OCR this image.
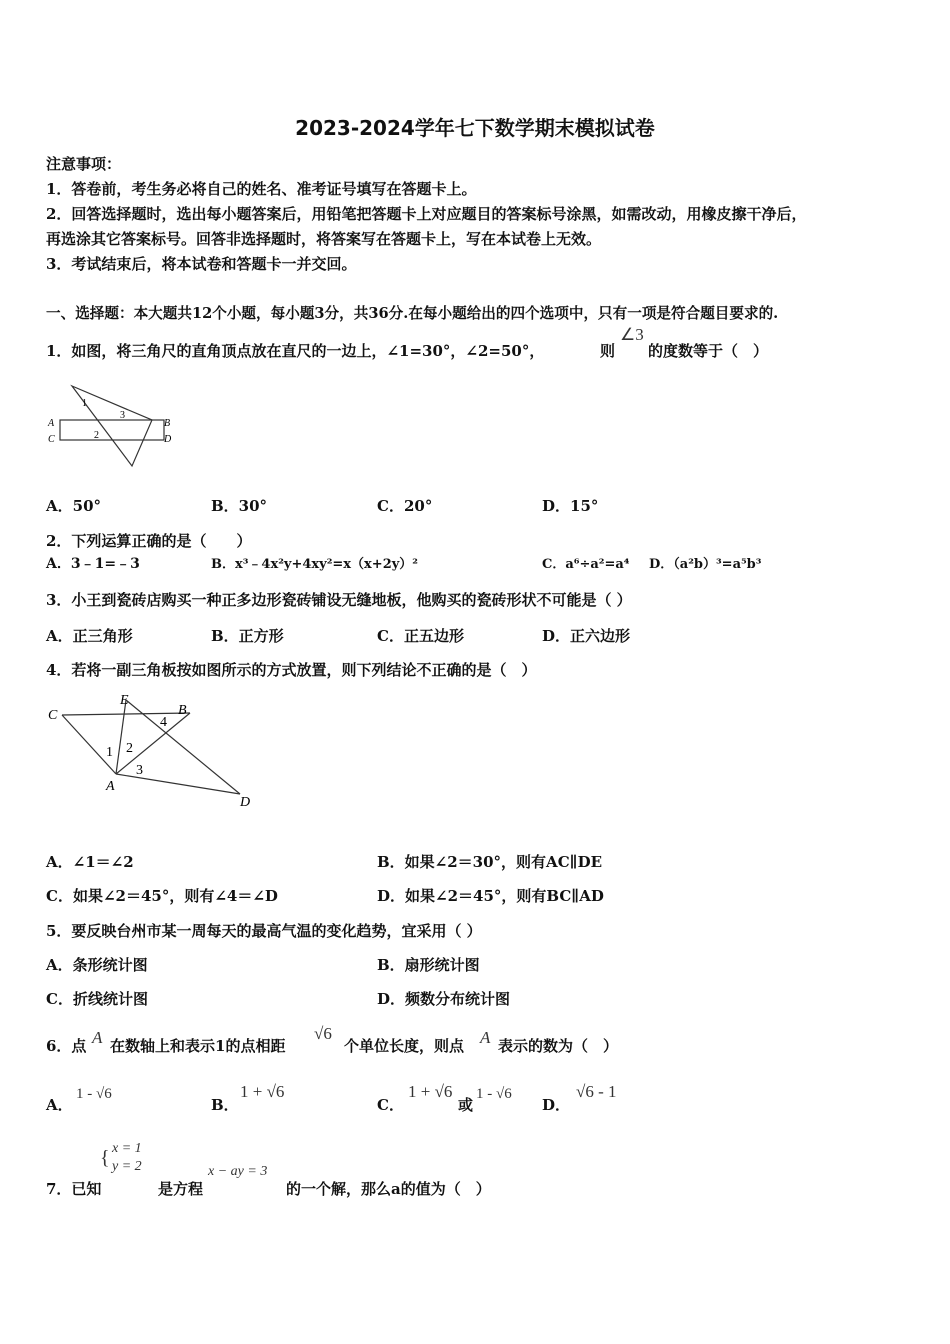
2023-2024学年七下数学期末模拟试卷
注意事项：
1．答卷前，考生务必将自己的姓名、准考证号填写在答题卡上。
2．回答选择题时，选出每小题答案后，用铅笔把答题卡上对应题目的答案标号涂黑，如需改动，用橡皮擦干净后，
再选涂其它答案标号。回答非选择题时，将答案写在答题卡上，写在本试卷上无效。
3．考试结束后，将本试卷和答题卡一并交回。
一、选择题：本大题共12个小题，每小题3分，共36分.在每小题给出的四个选项中，只有一项是符合题目要求的.
1．如图，将三角尺的直角顶点放在直尺的一边上，∠1=30°，∠2=50°，	则
∠3
的度数等于（　）
A
C
B
D
1
2
3
A．50°	B．30°	C．20°	D．15°
2．下列运算正确的是（　　）
A．3﹣1=﹣3	B．x³﹣4x²y+4xy²=x（x+2y）²	C．a⁶÷a²=a⁴ D．（a²b）³=a⁵b³
3．小王到瓷砖店购买一种正多边形瓷砖铺设无缝地板，他购买的瓷砖形状不可能是（ ）
A．正三角形	B．正方形	C．正五边形	D．正六边形
4．若将一副三角板按如图所示的方式放置，则下列结论不正确的是（　）
E
C	B
A
D
1 2
3
4
A．∠1＝∠2	B．如果∠2＝30°，则有AC∥DE
C．如果∠2＝45°，则有∠4＝∠D	D．如果∠2＝45°，则有BC∥AD
5．要反映台州市某一周每天的最高气温的变化趋势，宜采用（ ）
A．条形统计图	B．扇形统计图
C．折线统计图	D．频数分布统计图
6．点 A 在数轴上和表示1的点相距
√6
个单位长度，则点 A 表示的数为（　）
A．
1 - √6
B．
1 + √6
C．
1 + √6
或
1 - √6
D．
√6 - 1
7．已知
{ x = 1
y = 2
是方程
x − ay = 3
的一个解，那么a的值为（　）
